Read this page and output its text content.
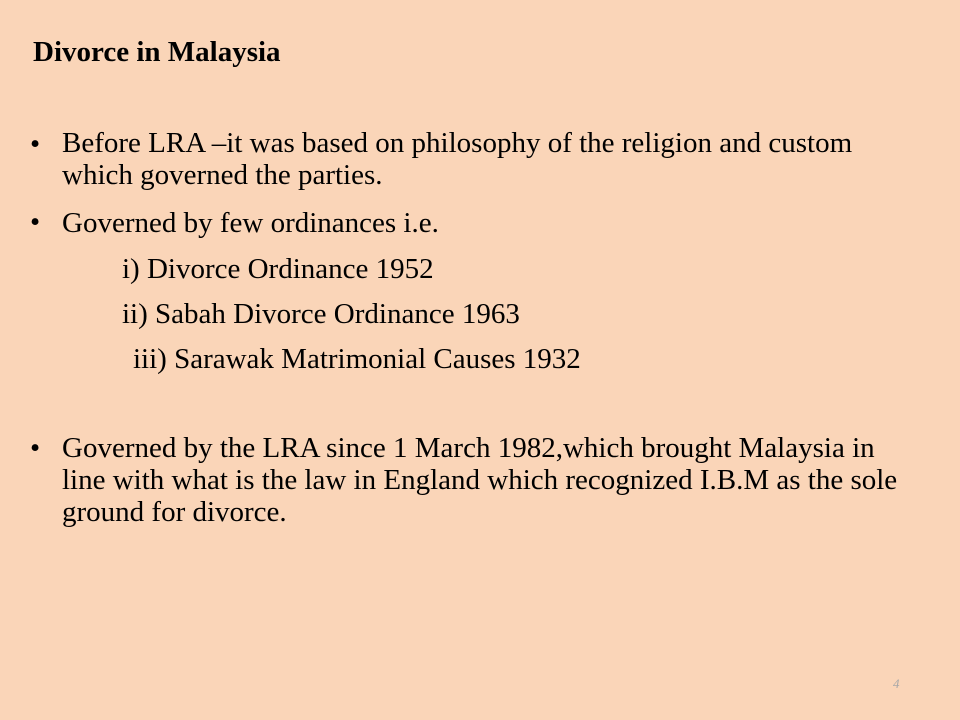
Divorce in Malaysia
• Before LRA –it was based on philosophy of the religion and custom which governed the parties.
• Governed by few ordinances i.e.
i) Divorce Ordinance 1952
ii) Sabah Divorce Ordinance 1963
iii) Sarawak Matrimonial Causes 1932
• Governed by the LRA since 1 March 1982,which brought Malaysia in line with what is the law in England which recognized I.B.M as the sole ground for divorce.
4
